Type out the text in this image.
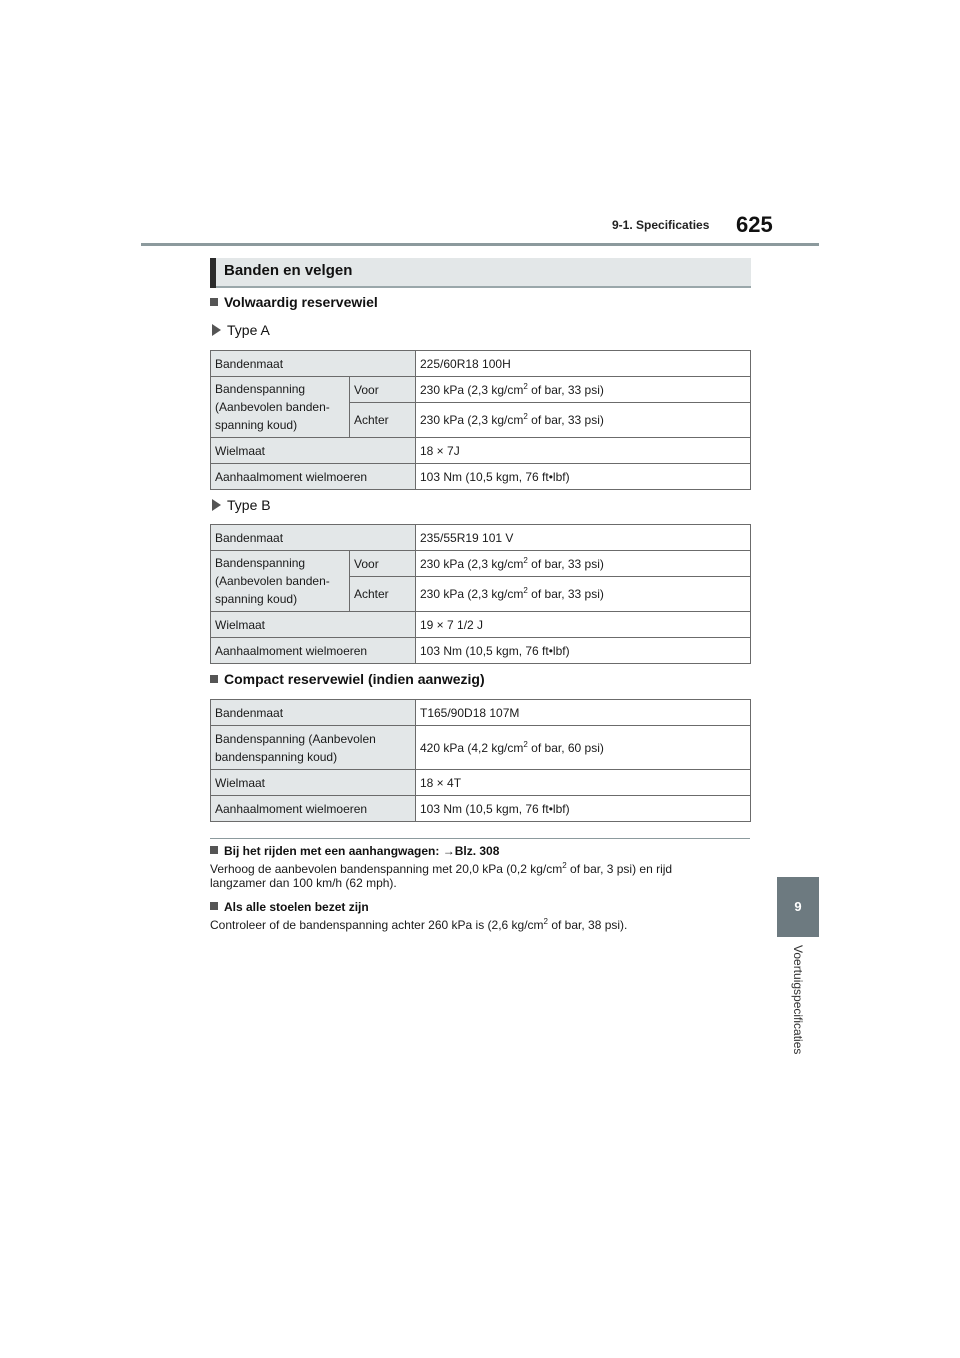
9-1. Specificaties 625
Banden en velgen
Volwaardig reservewiel
Type A
Bandenmaat		225/60R18 100H

Bandenspanning
(Aanbevolen banden-
spanning koud)	Voor	230 kPa (2,3 $kg/cm^2$ of bar, 33 psi)
	Achter	230 kPa (2,3 $kg/cm^2$ of bar, 33 psi)
Wielmaat		18 × 7J
Aanhaalmoment wielmoeren		103 Nm (10,5 kgm, 76 ft•lbf)
Type B
Bandenmaat		235/55R19 101 V

Bandenspanning
(Aanbevolen banden-
spanning koud)	Voor	230 kPa (2,3 $kg/cm^2$ of bar, 33 psi)
	Achter	230 kPa (2,3 $kg/cm^2$ of bar, 33 psi)
Wielmaat		19 × 7 1/2 J
Aanhaalmoment wielmoeren		103 Nm (10,5 kgm, 76 ft•lbf)
Compact reservewiel (indien aanwezig)
Bandenmaat	T165/90D18 107M

Bandenspanning (Aanbevolen
bandenspanning koud)	420 kPa (4,2 $kg/cm^2$ of bar, 60 psi)
Wielmaat	18 × 4T
Aanhaalmoment wielmoeren	103 Nm (10,5 kgm, 76 ft•lbf)
Bij het rijden met een aanhangwagen: →Blz. 308
Verhoog de aanbevolen bandenspanning met 20,0 kPa (0,2 $kg/cm^2$ of bar, 3 psi) en rijd
langzamer dan 100 km/h (62 mph).
Als alle stoelen bezet zijn
Controleer of de bandenspanning achter 260 kPa is (2,6 $kg/cm^2$ of bar, 38 psi).
9
Voertuigspecificaties
